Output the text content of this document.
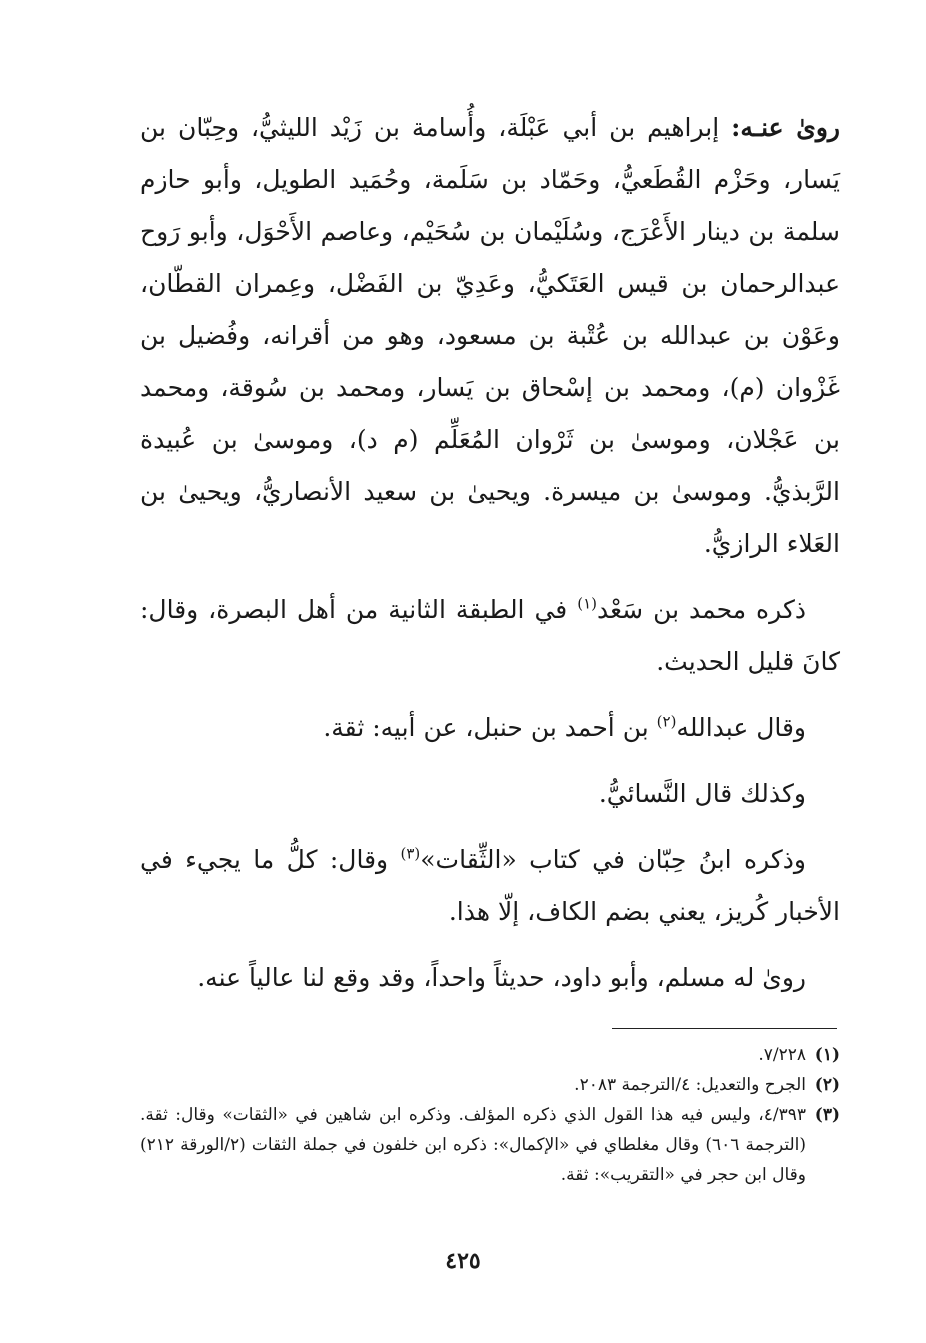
روىٰ عنـه: إبراهيم بن أبي عَبْلَة، وأُسامة بن زَيْد الليثيُّ، وحِبّان بن يَسار، وحَزْم القُطَعيُّ، وحَمّاد بن سَلَمة، وحُمَيد الطويل، وأبو حازم سلمة بن دينار الأَعْرَج، وسُلَيْمان بن سُحَيْم، وعاصم الأَحْوَل، وأبو رَوح عبدالرحمان بن قيس العَتَكيُّ، وعَدِيّ بن الفَضْل، وعِمران القطّان، وعَوْن بن عبدالله بن عُتْبة بن مسعود، وهو من أقرانه، وفُضيل بن غَزْوان (م)، ومحمد بن إسْحاق بن يَسار، ومحمد بن سُوقة، ومحمد بن عَجْلان، وموسىٰ بن ثَرْوان المُعَلِّم (م د)، وموسىٰ بن عُبيدة الرَّبذيُّ. وموسىٰ بن ميسرة. ويحيىٰ بن سعيد الأنصاريُّ، ويحيىٰ بن العَلاء الرازيُّ.

ذكره محمد بن سَعْد$^{(١)}$ في الطبقة الثانية من أهل البصرة، وقال: كانَ قليل الحديث.

وقال عبدالله$^{(٢)}$ بن أحمد بن حنبل، عن أبيه: ثقة.

وكذلك قال النَّسائيُّ.

وذكره ابنُ حِبّان في كتاب «الثِّقات»$^{(٣)}$ وقال: كلُّ ما يجيء في الأخبار كُريز، يعني بضم الكاف، إلّا هذا.

روىٰ له مسلم، وأبو داود، حديثاً واحداً، وقد وقع لنا عالياً عنه.

(١)
٧/٢٢٨.

(٢)
الجرح والتعديل: ٤/الترجمة ٢٠٨٣.

(٣)
٤/٣٩٣، وليس فيه هذا القول الذي ذكره المؤلف. وذكره ابن شاهين في «الثقات» وقال: ثقة. (الترجمة ٦٠٦) وقال مغلطاي في «الإكمال»: ذكره ابن خلفون في جملة الثقات (٢/الورقة ٢١٢) وقال ابن حجر في «التقريب»: ثقة.

٤٢٥
